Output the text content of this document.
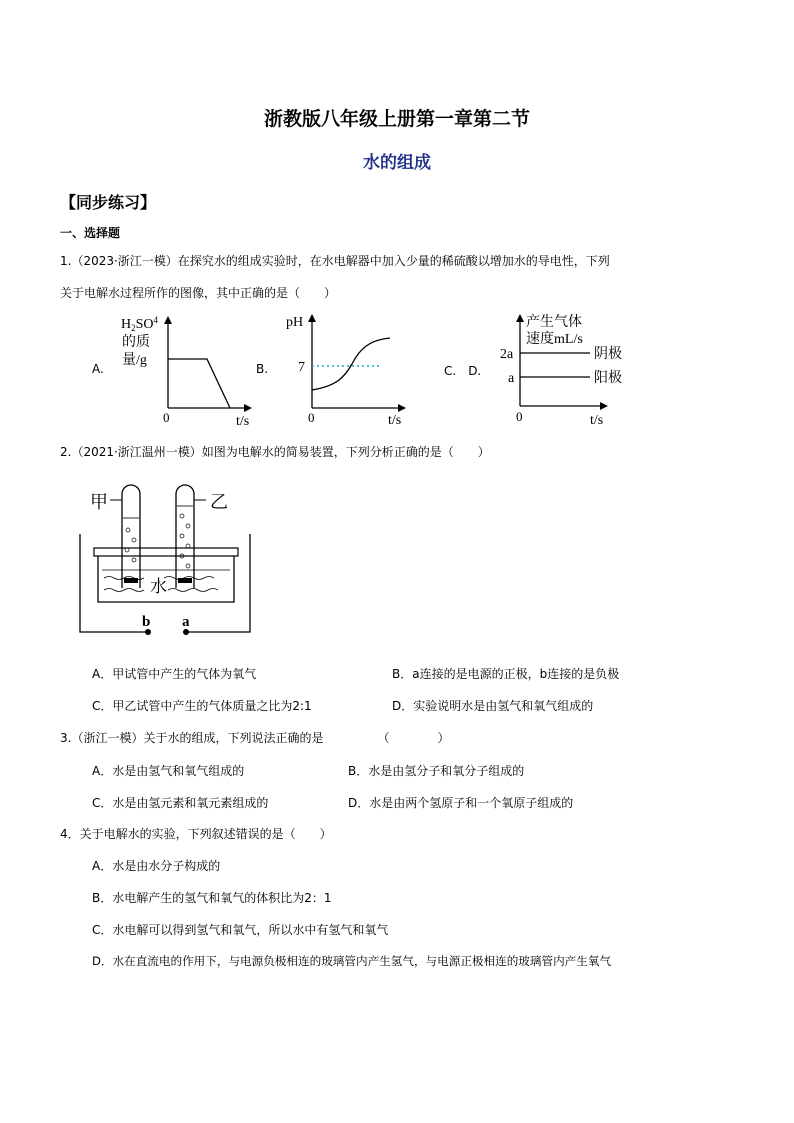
浙教版八年级上册第一章第二节
水的组成
【同步练习】
一、选择题
1.（2023·浙江一模）在探究水的组成实验时，在水电解器中加入少量的稀硫酸以增加水的导电性，下列
关于电解水过程所作的图像，其中正确的是（　　）
A.	B.	C.　D.
$H_2SO^4$
的质
量/g
0	t/s
pH
7
0	t/s
产生气体
速度mL/s
2a
a
阴极
阳极
0	t/s
2.（2021·浙江温州一模）如图为电解水的简易装置，下列分析正确的是（　　）
甲	乙
水
b a
A．甲试管中产生的气体为氧气	B．a连接的是电源的正极，b连接的是负极
C．甲乙试管中产生的气体质量之比为2:1	D．实验说明水是由氢气和氧气组成的
3.（浙江一模）关于水的组成，下列说法正确的是　　　　　（　　　　）
A．水是由氢气和氧气组成的	B．水是由氢分子和氧分子组成的
C．水是由氢元素和氧元素组成的	D．水是由两个氢原子和一个氧原子组成的
4．关于电解水的实验，下列叙述错误的是（　　）
A．水是由水分子构成的
B．水电解产生的氢气和氧气的体积比为2：1
C．水电解可以得到氢气和氧气，所以水中有氢气和氧气
D．水在直流电的作用下，与电源负极相连的玻璃管内产生氢气，与电源正极相连的玻璃管内产生氧气
